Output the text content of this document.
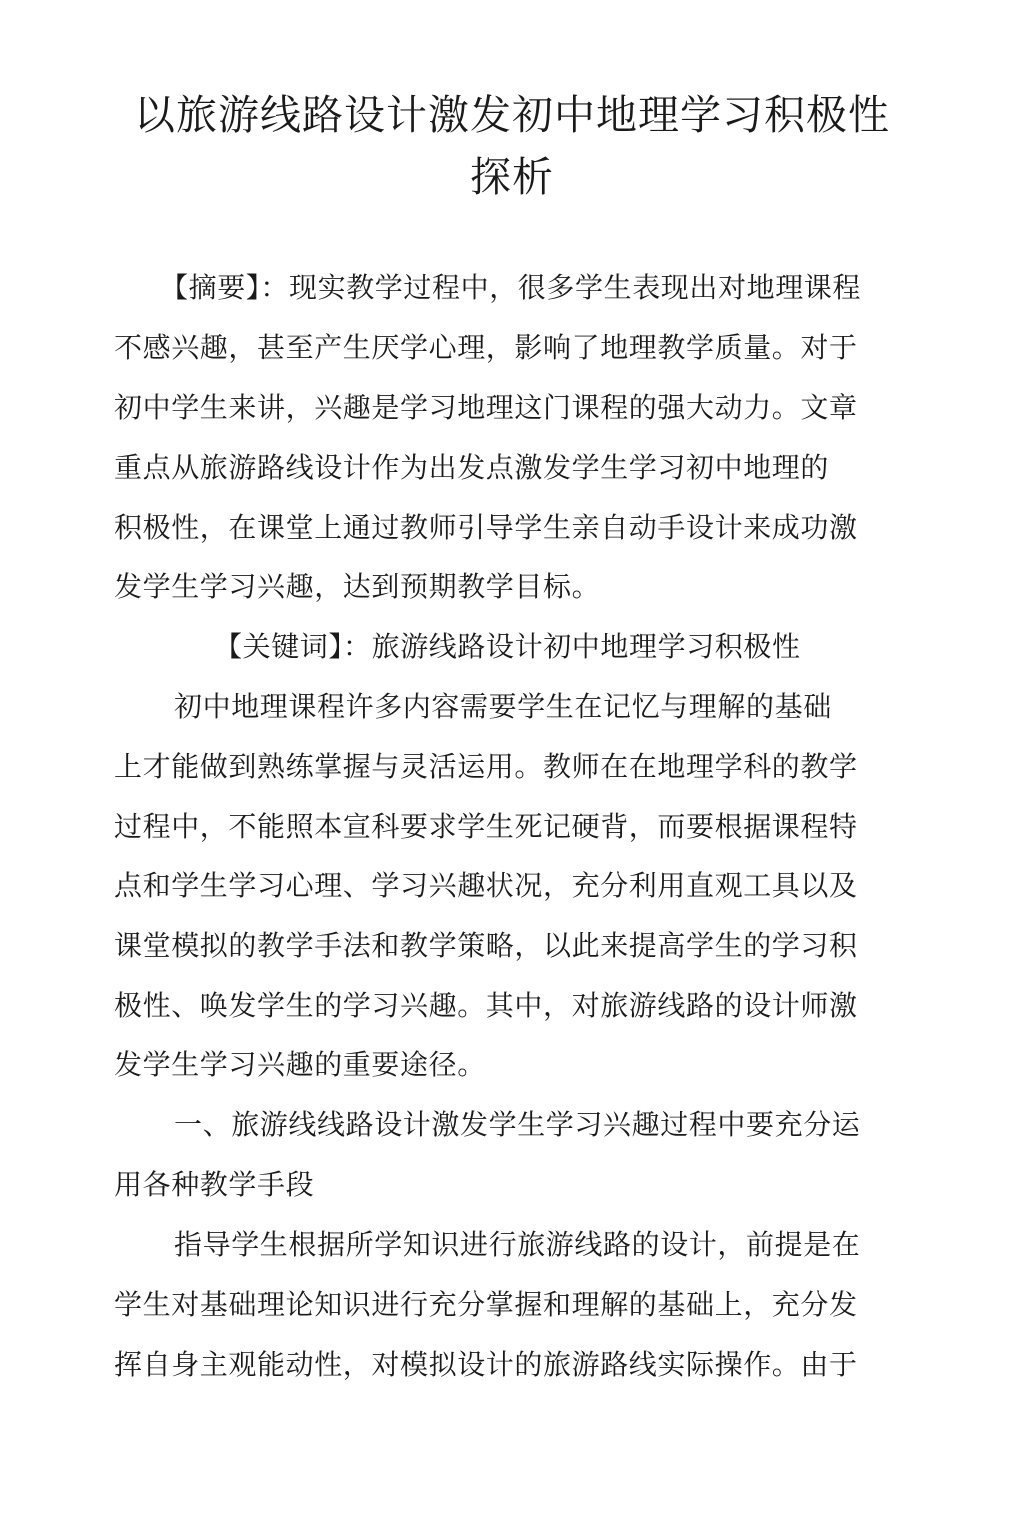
以旅游线路设计激发初中地理学习积极性
探析
【摘要】：现实教学过程中，很多学生表现出对地理课程
不感兴趣，甚至产生厌学心理，影响了地理教学质量。对于
初中学生来讲，兴趣是学习地理这门课程的强大动力。文章
重点从旅游路线设计作为出发点激发学生学习初中地理的
积极性，在课堂上通过教师引导学生亲自动手设计来成功激
发学生学习兴趣，达到预期教学目标。
【关键词】：旅游线路设计初中地理学习积极性
初中地理课程许多内容需要学生在记忆与理解的基础
上才能做到熟练掌握与灵活运用。教师在在地理学科的教学
过程中，不能照本宣科要求学生死记硬背，而要根据课程特
点和学生学习心理、学习兴趣状况，充分利用直观工具以及
课堂模拟的教学手法和教学策略，以此来提高学生的学习积
极性、唤发学生的学习兴趣。其中，对旅游线路的设计师激
发学生学习兴趣的重要途径。
一、旅游线线路设计激发学生学习兴趣过程中要充分运
用各种教学手段
指导学生根据所学知识进行旅游线路的设计，前提是在
学生对基础理论知识进行充分掌握和理解的基础上，充分发
挥自身主观能动性，对模拟设计的旅游路线实际操作。由于
